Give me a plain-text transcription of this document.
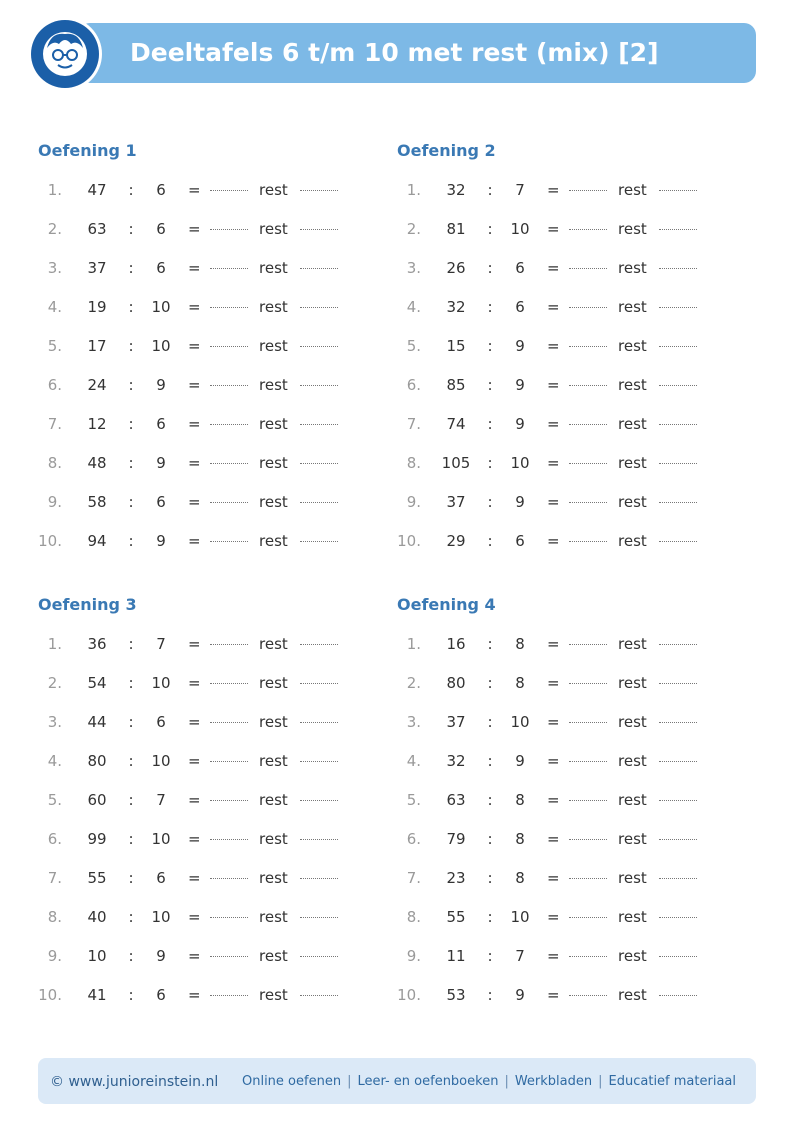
Deeltafels 6 t/m 10 met rest (mix) [2]
Oefening 1
1.	47	:	6	=	rest
2.	63	:	6	=	rest
3.	37	:	6	=	rest
4.	19	:	10	=	rest
5.	17	:	10	=	rest
6.	24	:	9	=	rest
7.	12	:	6	=	rest
8.	48	:	9	=	rest
9.	58	:	6	=	rest
10.	94	:	9	=	rest
Oefening 2
1.	32	:	7	=	rest
2.	81	:	10	=	rest
3.	26	:	6	=	rest
4.	32	:	6	=	rest
5.	15	:	9	=	rest
6.	85	:	9	=	rest
7.	74	:	9	=	rest
8. 105 :	10	=	rest
9.	37	:	9	=	rest
10.	29	:	6	=	rest
Oefening 3
1.	36	:	7	=	rest
2.	54	:	10	=	rest
3.	44	:	6	=	rest
4.	80	:	10	=	rest
5.	60	:	7	=	rest
6.	99	:	10	=	rest
7.	55	:	6	=	rest
8.	40	:	10	=	rest
9.	10	:	9	=	rest
10.	41	:	6	=	rest
Oefening 4
1.	16	:	8	=	rest
2.	80	:	8	=	rest
3.	37	:	10	=	rest
4.	32	:	9	=	rest
5.	63	:	8	=	rest
6.	79	:	8	=	rest
7.	23	:	8	=	rest
8.	55	:	10	=	rest
9.	11	:	7	=	rest
10.	53	:	9	=	rest
© www.junioreinstein.nl Online oefenen | Leer- en oefenboeken | Werkbladen | Educatief materiaal
